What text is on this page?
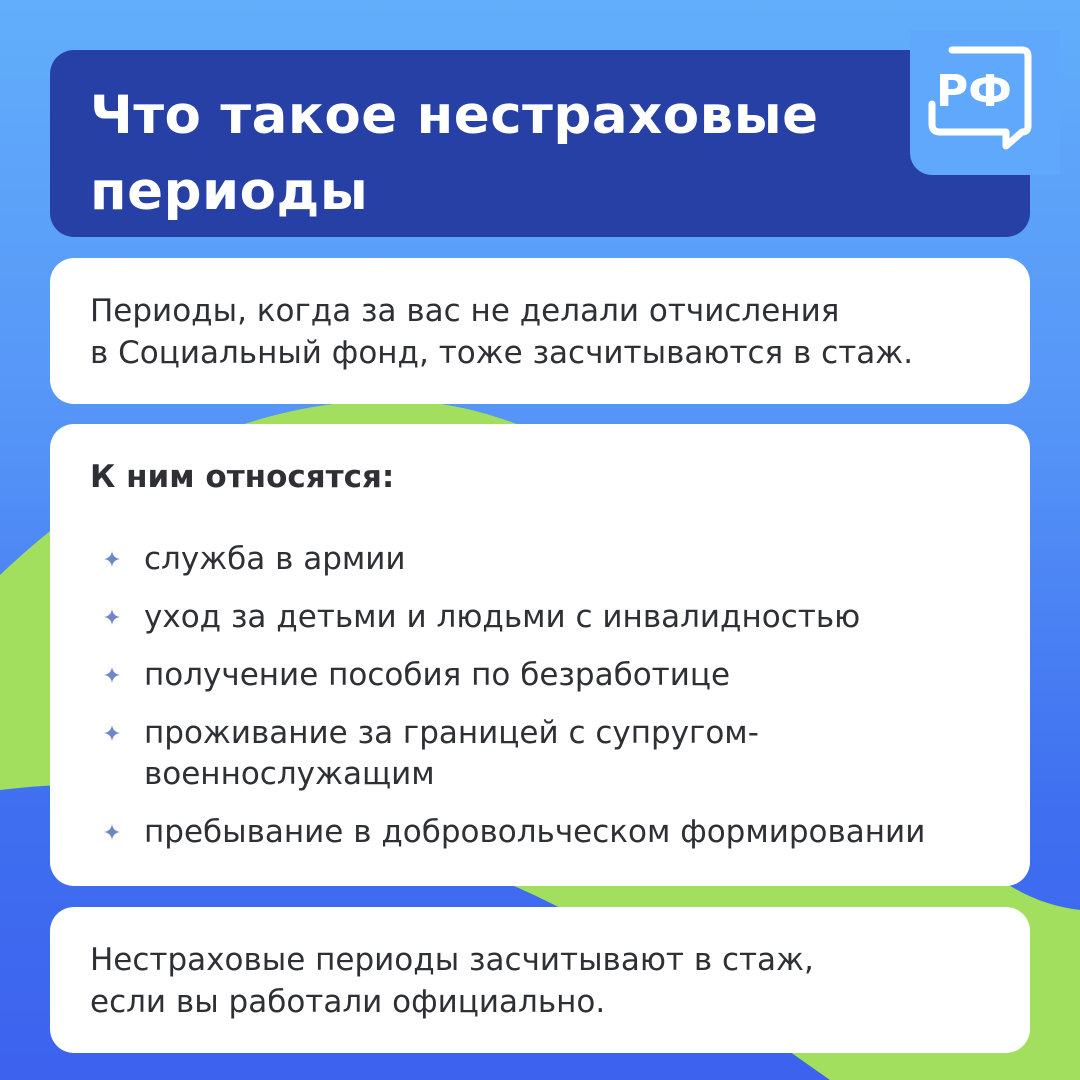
Что такое нестраховые
периоды
РФ

Периоды, когда за вас не делали отчисления
в Социальный фонд, тоже засчитываются в стаж.

К ним относятся:
служба в армии
уход за детьми и людьми с инвалидностью
получение пособия по безработице
проживание за границей с супругом-
военнослужащим
пребывание в добровольческом формировании

Нестраховые периоды засчитывают в стаж,
если вы работали официально.
